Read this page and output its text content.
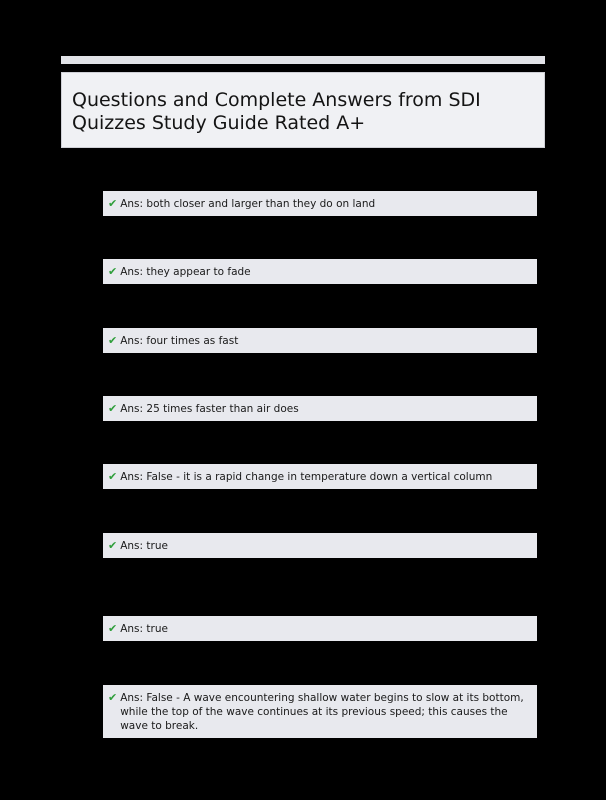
Questions and Complete Answers from SDI
Quizzes Study Guide Rated A+
✔ Ans: both closer and larger than they do on land
✔ Ans: they appear to fade
✔ Ans: four times as fast
✔ Ans: 25 times faster than air does
✔ Ans: False - it is a rapid change in temperature down a vertical column
✔ Ans: true
✔ Ans: true
✔ Ans: False - A wave encountering shallow water begins to slow at its bottom, while the top of the wave continues at its previous speed; this causes the wave to break.
